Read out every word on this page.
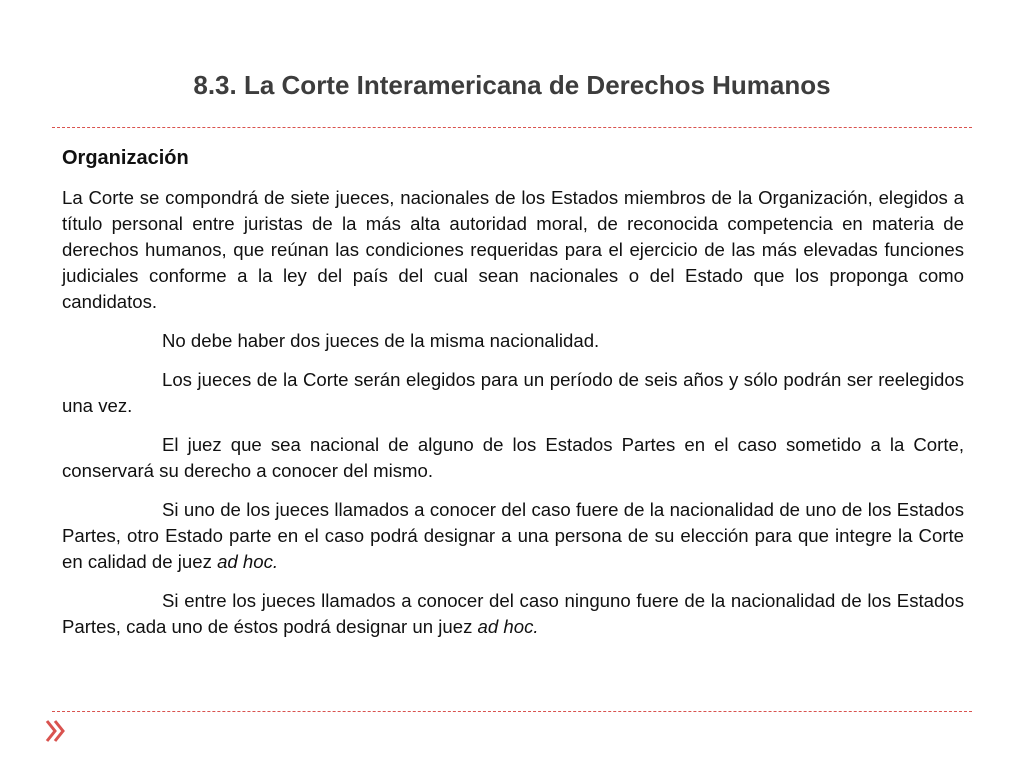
8.3. La Corte Interamericana de Derechos Humanos
Organización

La Corte se compondrá de siete jueces, nacionales de los Estados miembros de la Organización, elegidos a título personal entre juristas de la más alta autoridad moral, de reconocida competencia en materia de derechos humanos, que reúnan las condiciones requeridas para el ejercicio de las más elevadas funciones judiciales conforme a la ley del país del cual sean nacionales o del Estado que los proponga como candidatos.

No debe haber dos jueces de la misma nacionalidad.

Los jueces de la Corte serán elegidos para un período de seis años y sólo podrán ser reelegidos una vez.

El juez que sea nacional de alguno de los Estados Partes en el caso sometido a la Corte, conservará su derecho a conocer del mismo.

Si uno de los jueces llamados a conocer del caso fuere de la nacionalidad de uno de los Estados Partes, otro Estado parte en el caso podrá designar a una persona de su elección para que integre la Corte en calidad de juez ad hoc.

Si entre los jueces llamados a conocer del caso ninguno fuere de la nacionalidad de los Estados Partes, cada uno de éstos podrá designar un juez ad hoc.
